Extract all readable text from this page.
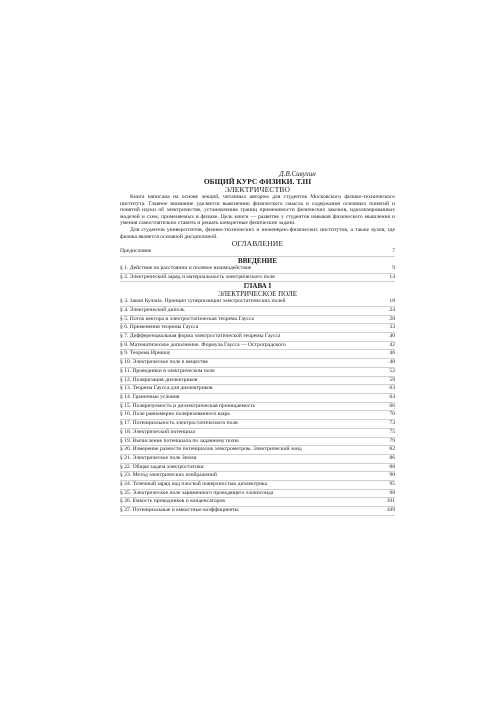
Д.В.Сивухин
ОБЩИЙ КУРС ФИЗИКИ. Т.III
ЭЛЕКТРИЧЕСТВО

Книга написана на основе лекций, читанных автором для студентов Московского физико-технического института. Главное внимание уделяется выяснению физического смысла и содержания основных понятий и понятий науки об электричестве, установлению границ применимости физических законов, идеализированных моделей и схем, применяемых в физике. Цель книги — развитие у студентов навыков физического мышления и умения самостоятельно ставить и решать конкретные физические задачи.

Для студентов университетов, физико-технических и инженерно-физических институтов, а также вузов, где физика является основной дисциплиной.

ОГЛАВЛЕНИЕ
Предисловие	7
ВВЕДЕНИЕ
§ 1. Действие на расстоянии и полевое взаимодействие	9
§ 2. Электрический заряд и материальность электрического поля	14
ГЛАВА I
ЭЛЕКТРИЧЕСКОЕ ПОЛЕ
§ 3. Закон Кулона. Принцип суперпозиции электростатических полей	18
§ 4. Электрический диполь	24
§ 5. Поток вектора и электростатическая теорема Гаусса	28
§ 6. Применения теоремы Гаусса	33
§ 7. Дифференциальная форма электростатической теоремы Гаусса	40
§ 8. Математическое дополнение. Формула Гаусса — Остроградского	42
§ 9. Теорема Ирншоу	46
§ 10. Электрическое поле в веществе	48
§ 11. Проводники в электрическом поле	52
§ 12. Поляризация диэлектриков	59
§ 13. Теорема Гаусса для диэлектриков	63
§ 14. Граничные условия	64
§ 15. Поляризуемость и диэлектрическая проницаемость	66
§ 16. Поле равномерно поляризованного шара	70
§ 17. Потенциальность электростатического поля	73
§ 18. Электрический потенциал	75
§ 19. Вычисление потенциала по заданному полю	79
§ 20. Измерение разности потенциалов электрометром. Электрический зонд	82
§ 21. Электрическое поле Земли	86
§ 22. Общая задача электростатики	88
§ 23. Метод электрических изображений	90
§ 24. Точечный заряд над плоской поверхностью диэлектрика	95
§ 25. Электрическое поле заряженного проводящего эллипсоида	98
§ 26. Емкость проводников и конденсаторов	101
§ 27. Потенциальные и емкостные коэффициенты	109
